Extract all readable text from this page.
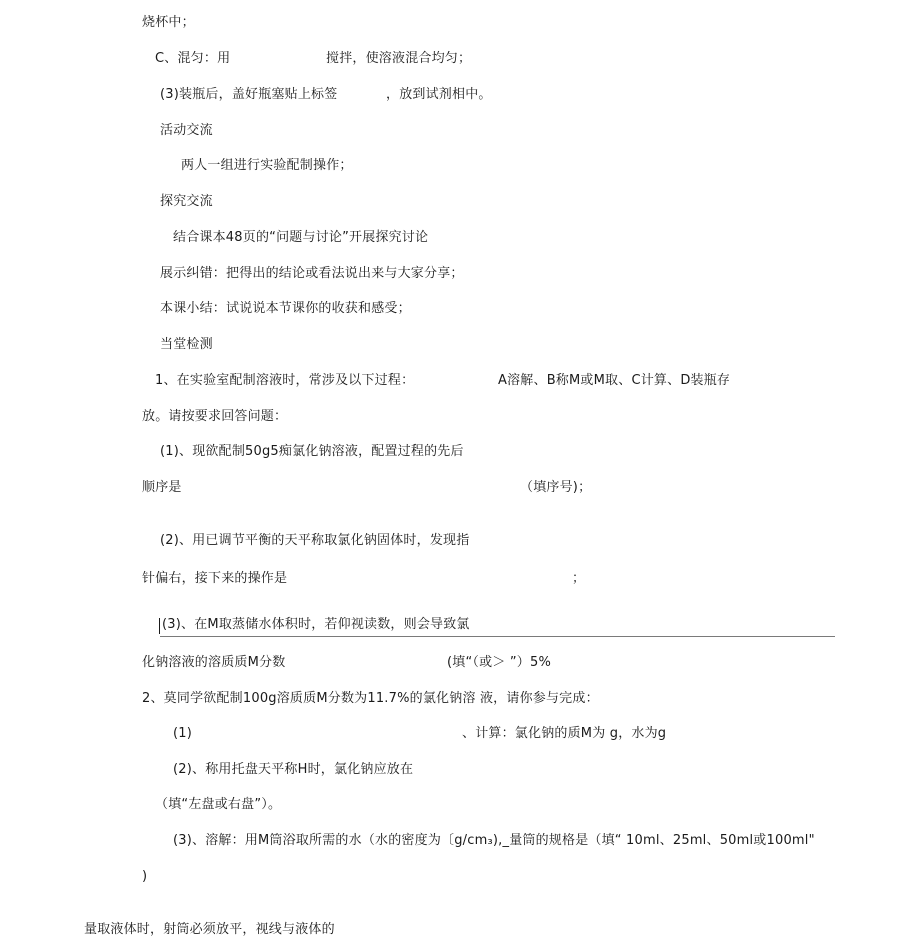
烧杯中；
C、混匀：用	搅拌，使溶液混合均匀；
(3)装瓶后，盖好瓶塞贴上标签	，放到试剂相中。
活动交流
两人一组进行实验配制操作；
探究交流
结合课本48页的“问题与讨论”开展探究讨论
展示纠错：把得出的结论或看法说出来与大家分享；
本课小结：试说说本节课你的收获和感受；
当堂检测
1、在实验室配制溶液时，常涉及以下过程：	A溶解、B称M或M取、C计算、D装瓶存
放。请按要求回答问题：
(1)、现欲配制50g5痴氯化钠溶液，配置过程的先后
顺序是	（填序号)；
(2)、用已调节平衡的天平称取氯化钠固体时，发现指
针偏右，接下来的操作是	；
(3)、在M取蒸储水体积时，若仰视读数，则会导致氯
化钠溶液的溶质质M分数	(填“（或＞ ”）5%
2、莫同学欲配制100g溶质质M分数为11.7%的氯化钠溶 液，请你参与完成：
(1)	、计算：氯化钠的质M为 g，水为g
(2)、称用托盘天平称H时，氯化钠应放在
（填“左盘或右盘”）。
(3)、溶解：用M筒浴取所需的水（水的密度为〔g/cm₃),_量筒的规格是（填“ 10ml、25ml、50ml或100ml"
)
量取液体时，射筒必须放平，视线与液体的
